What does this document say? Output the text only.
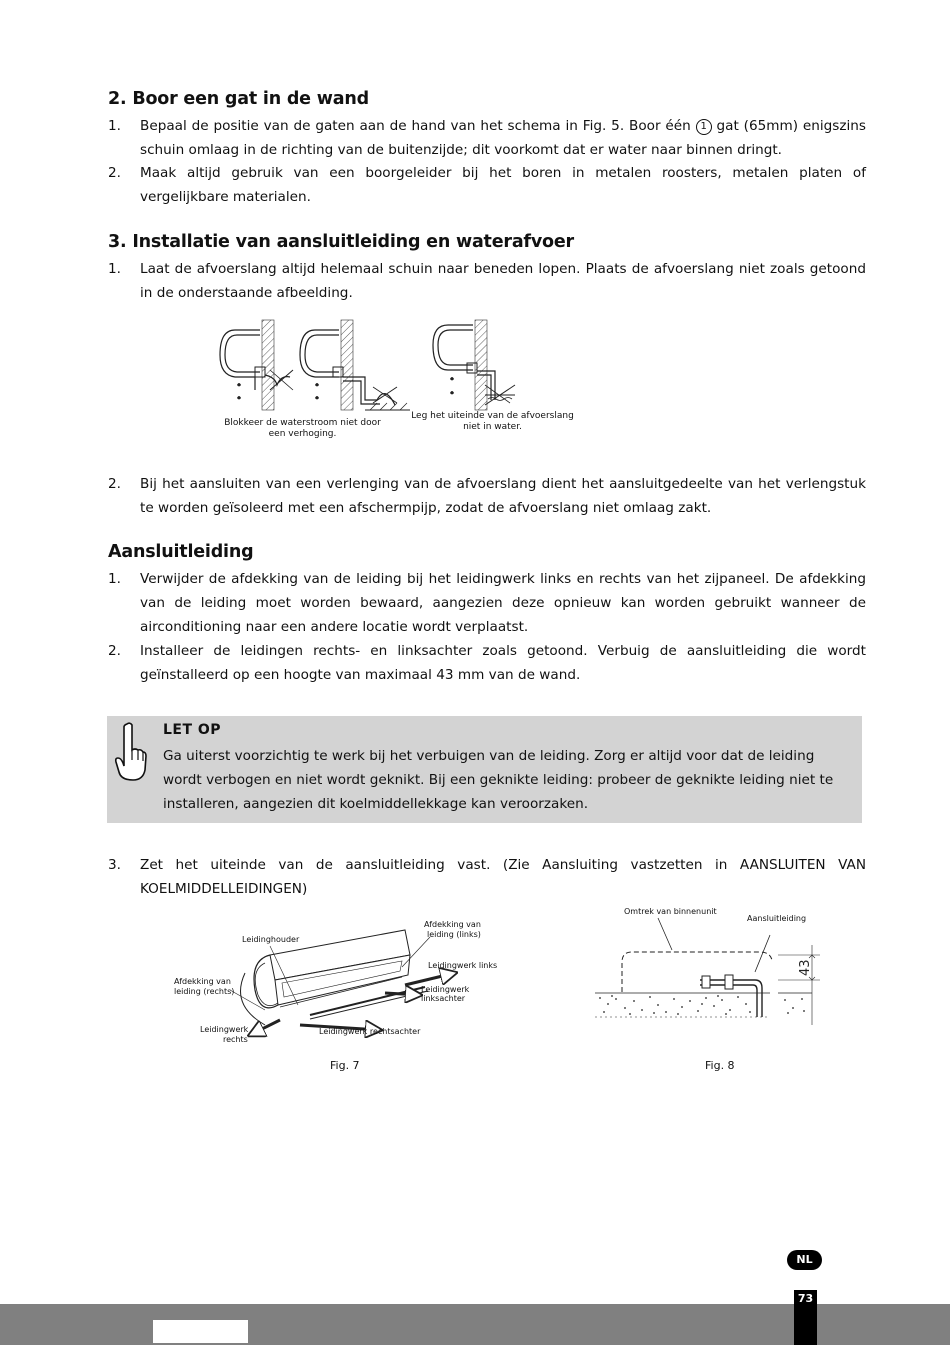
2. Boor een gat in de wand
1. Bepaal de positie van de gaten aan de hand van het schema in Fig. 5. Boor één 1 gat (65mm) enigszins schuin omlaag in de richting van de buitenzijde; dit voorkomt dat er water naar binnen dringt.
2. Maak altijd gebruik van een boorgeleider bij het boren in metalen roosters, metalen platen of vergelijkbare materialen.
3. Installatie van aansluitleiding en waterafvoer
1. Laat de afvoerslang altijd helemaal schuin naar beneden lopen. Plaats de afvoerslang niet zoals getoond in de onderstaande afbeelding.
Blokkeer de waterstroom niet door
een verhoging.
Leg het uiteinde van de afvoerslang
niet in water.
2. Bij het aansluiten van een verlenging van de afvoerslang dient het aansluitgedeelte van het verlengstuk te worden geïsoleerd met een afschermpijp, zodat de afvoerslang niet omlaag zakt.
Aansluitleiding
1. Verwijder de afdekking van de leiding bij het leidingwerk links en rechts van het zijpaneel. De afdekking van de leiding moet worden bewaard, aangezien deze opnieuw kan worden gebruikt wanneer de airconditioning naar een andere locatie wordt verplaatst.
2. Installeer de leidingen rechts- en linksachter zoals getoond. Verbuig de aansluitleiding die wordt geïnstalleerd op een hoogte van maximaal 43 mm van de wand.
LET OP
Ga uiterst voorzichtig te werk bij het verbuigen van de leiding. Zorg er altijd voor dat de leiding wordt verbogen en niet wordt geknikt. Bij een geknikte leiding: probeer de geknikte leiding niet te installeren, aangezien dit koelmiddellekkage kan veroorzaken.
3. Zet het uiteinde van de aansluitleiding vast. (Zie Aansluiting vastzetten in AANSLUITEN VAN KOELMIDDELLEIDINGEN)
Leidinghouder
Afdekking van
leiding (links)
Leidingwerk links
Afdekking van
leiding (rechts)	Leidingwerk
linksachter
Leidingwerk
rechts
Leidingwerk rechtsachter
Fig. 7
Omtrek van binnenunit
Aansluitleiding
43
Fig. 8
NL
73
